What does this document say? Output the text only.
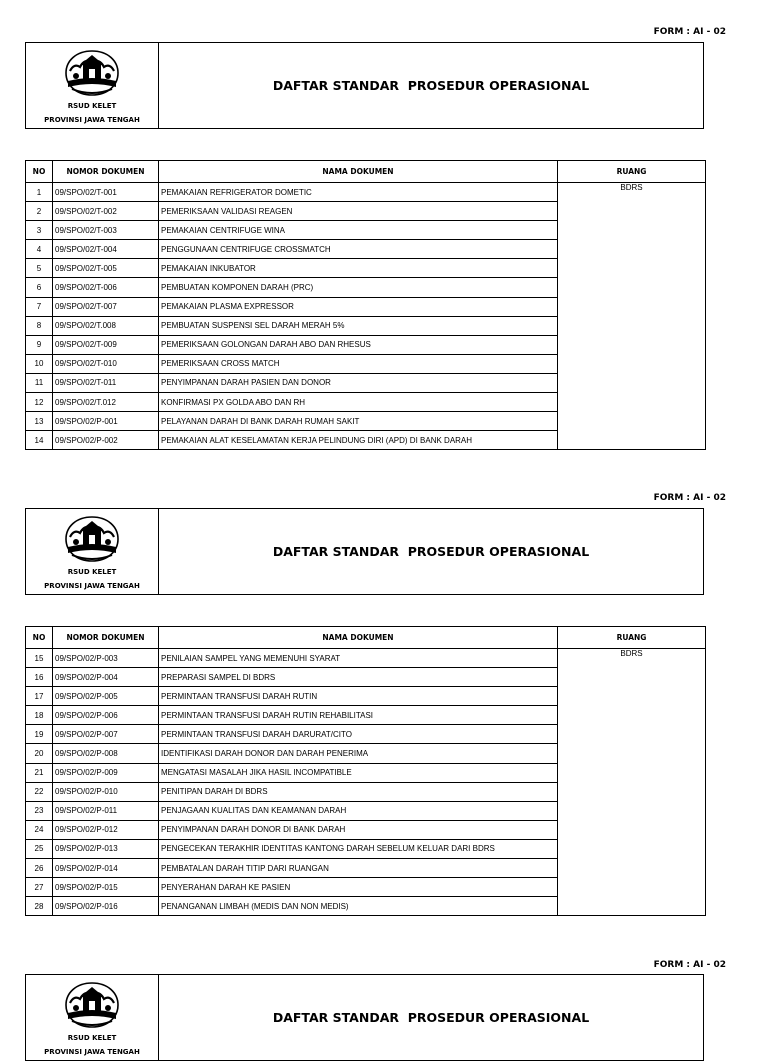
FORM : AI - 02
RSUD KELET
PROVINSI JAWA TENGAH
DAFTAR STANDAR  PROSEDUR OPERASIONAL
NO	NOMOR DOKUMEN	NAMA DOKUMEN	RUANG
1	09/SPO/02/T-001	PEMAKAIAN REFRIGERATOR DOMETIC	BDRS
2	09/SPO/02/T-002	PEMERIKSAAN VALIDASI REAGEN	
3	09/SPO/02/T-003	PEMAKAIAN CENTRIFUGE WINA	
4	09/SPO/02/T-004	PENGGUNAAN CENTRIFUGE CROSSMATCH	
5	09/SPO/02/T-005	PEMAKAIAN INKUBATOR	
6	09/SPO/02/T-006	PEMBUATAN KOMPONEN DARAH (PRC)	
7	09/SPO/02/T-007	PEMAKAIAN PLASMA EXPRESSOR	
8	09/SPO/02/T.008	PEMBUATAN SUSPENSI SEL DARAH MERAH 5%	
9	09/SPO/02/T-009	PEMERIKSAAN GOLONGAN DARAH ABO DAN RHESUS	
10	09/SPO/02/T-010	PEMERIKSAAN CROSS MATCH	
11	09/SPO/02/T-011	PENYIMPANAN DARAH PASIEN DAN DONOR	
12	09/SPO/02/T.012	KONFIRMASI PX GOLDA ABO DAN RH	
13	09/SPO/02/P-001	PELAYANAN DARAH DI BANK DARAH RUMAH SAKIT	
14	09/SPO/02/P-002	PEMAKAIAN ALAT KESELAMATAN KERJA PELINDUNG DIRI (APD) DI BANK DARAH	
FORM : AI - 02
RSUD KELET
PROVINSI JAWA TENGAH
DAFTAR STANDAR  PROSEDUR OPERASIONAL
NO	NOMOR DOKUMEN	NAMA DOKUMEN	RUANG
15	09/SPO/02/P-003	PENILAIAN SAMPEL YANG MEMENUHI SYARAT	BDRS
16	09/SPO/02/P-004	PREPARASI SAMPEL DI BDRS	
17	09/SPO/02/P-005	PERMINTAAN TRANSFUSI DARAH RUTIN	
18	09/SPO/02/P-006	PERMINTAAN TRANSFUSI DARAH RUTIN REHABILITASI	
19	09/SPO/02/P-007	PERMINTAAN TRANSFUSI DARAH DARURAT/CITO	
20	09/SPO/02/P-008	IDENTIFIKASI DARAH DONOR DAN DARAH PENERIMA	
21	09/SPO/02/P-009	MENGATASI MASALAH JIKA HASIL INCOMPATIBLE	
22	09/SPO/02/P-010	PENITIPAN DARAH DI BDRS	
23	09/SPO/02/P-011	PENJAGAAN KUALITAS DAN KEAMANAN DARAH	
24	09/SPO/02/P-012	PENYIMPANAN DARAH DONOR DI BANK DARAH	
25	09/SPO/02/P-013	PENGECEKAN TERAKHIR IDENTITAS KANTONG DARAH SEBELUM KELUAR DARI BDRS	
26	09/SPO/02/P-014	PEMBATALAN DARAH TITIP DARI RUANGAN	
27	09/SPO/02/P-015	PENYERAHAN DARAH KE PASIEN	
28	09/SPO/02/P-016	PENANGANAN LIMBAH (MEDIS DAN NON MEDIS)	
FORM : AI - 02
RSUD KELET
PROVINSI JAWA TENGAH
DAFTAR STANDAR  PROSEDUR OPERASIONAL
